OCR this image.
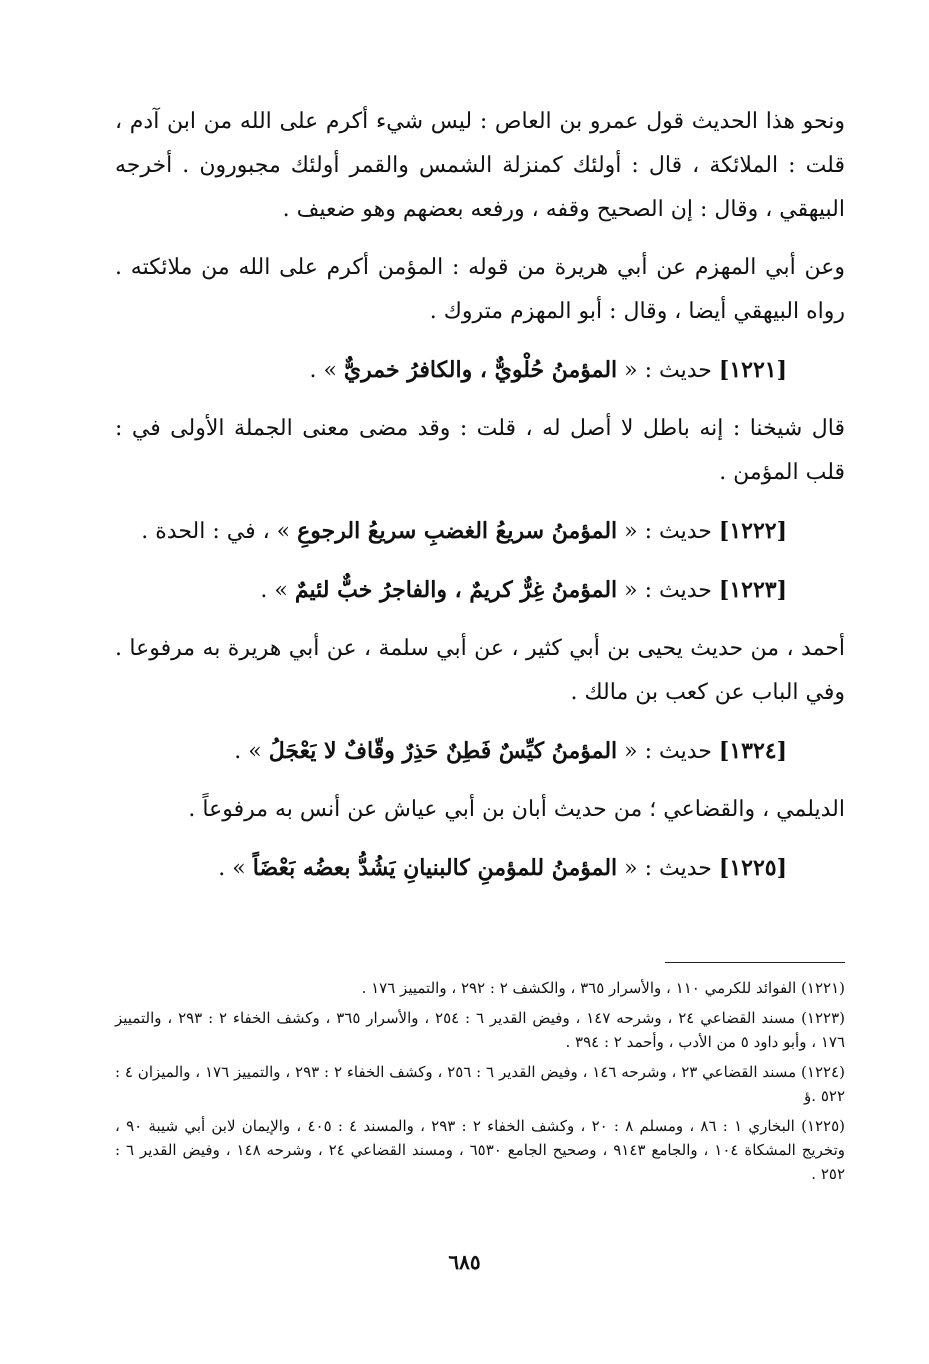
ونحو هذا الحديث قول عمرو بن العاص : ليس شيء أكرم على الله من ابن آدم ، قلت : الملائكة ، قال : أولئك كمنزلة الشمس والقمر أولئك مجبورون . أخرجه البيهقي ، وقال : إن الصحيح وقفه ، ورفعه بعضهم وهو ضعيف .

وعن أبي المهزم عن أبي هريرة من قوله : المؤمن أكرم على الله من ملائكته . رواه البيهقي أيضا ، وقال : أبو المهزم متروك .

[١٢٢١] حديث : « المؤمنُ حُلْويٌّ ، والكافرُ خمريٌّ » .

قال شيخنا : إنه باطل لا أصل له ، قلت : وقد مضى معنى الجملة الأولى في : قلب المؤمن .

[١٢٢٢] حديث : « المؤمنُ سريعُ الغضبِ سريعُ الرجوعِ » ، في : الحدة .

[١٢٢٣] حديث : « المؤمنُ غِرٌّ كريمٌ ، والفاجرُ خبٌّ لئيمٌ » .

أحمد ، من حديث يحيى بن أبي كثير ، عن أبي سلمة ، عن أبي هريرة به مرفوعا . وفي الباب عن كعب بن مالك .

[١٣٢٤] حديث : « المؤمنُ كيِّسٌ فَطِنٌ حَذِرٌ وقّافٌ لا يَعْجَلُ » .

الديلمي ، والقضاعي ؛ من حديث أبان بن أبي عياش عن أنس به مرفوعاً .

[١٢٢٥] حديث : « المؤمنُ للمؤمنِ كالبنيانِ يَشُدُّ بعضُه بَعْضَاً » .

(١٢٢١) الفوائد للكرمي ١١٠ ، والأسرار ٣٦٥ ، والكشف ٢ : ٢٩٢ ، والتمييز ١٧٦ .

(١٢٢٣) مسند القضاعي ٢٤ ، وشرحه ١٤٧ ، وفيض القدير ٦ : ٢٥٤ ، والأسرار ٣٦٥ ، وكشف الخفاء ٢ : ٢٩٣ ، والتمييز ١٧٦ ، وأبو داود ٥ من الأدب ، وأحمد ٢ : ٣٩٤ .

(١٢٢٤) مسند القضاعي ٢٣ ، وشرحه ١٤٦ ، وفيض القدير ٦ : ٢٥٦ ، وكشف الخفاء ٢ : ٢٩٣ ، والتمييز ١٧٦ ، والميزان ٤ : ٥٢٢ .ؤ

(١٢٢٥) البخاري ١ : ٨٦ ، ومسلم ٨ : ٢٠ ، وكشف الخفاء ٢ : ٢٩٣ ، والمسند ٤ : ٤٠٥ ، والإيمان لابن أبي شيبة ٩٠ ، وتخريج المشكاة ١٠٤ ، والجامع ٩١٤٣ ، وصحيح الجامع ٦٥٣٠ ، ومسند القضاعي ٢٤ ، وشرحه ١٤٨ ، وفيض القدير ٦ : ٢٥٢ .

٦٨٥
